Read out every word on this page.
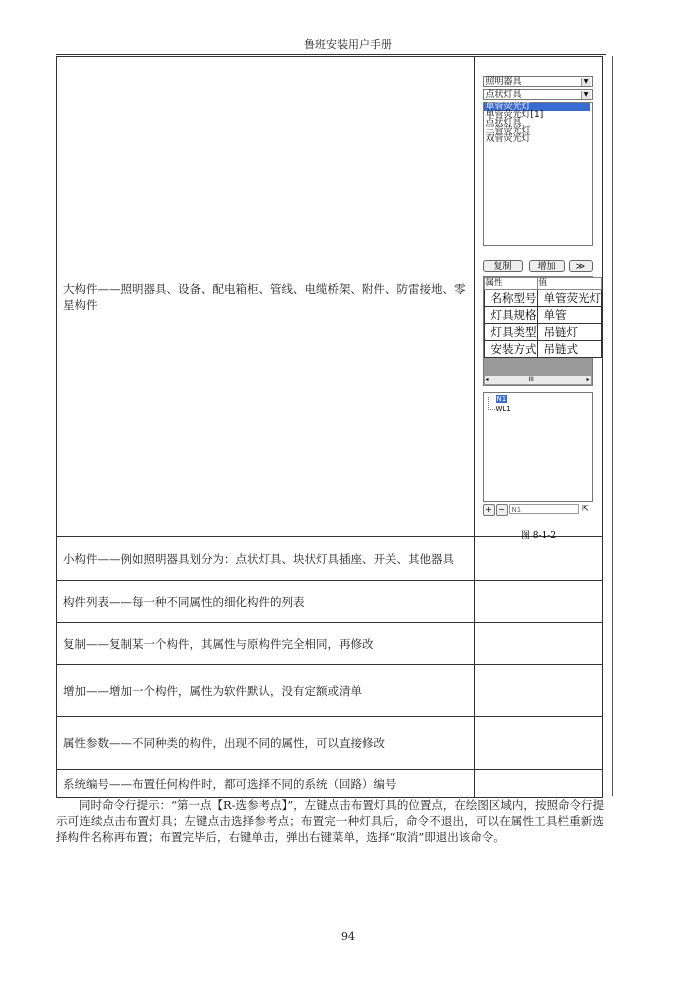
鲁班安装用户手册
大构件——照明器具、设备、配电箱柜、管线、电缆桥架、附件、防雷接地、零星构件	
照明器具	▼
点状灯具	▼
单管荧光灯
单管荧光灯[1]
点状灯具
三管荧光灯
双管荧光灯
复制	增加	≫
属性	值
名称型号	单管荧光灯
灯具规格	单管
灯具类型	吊链灯
安装方式	吊链式
◂	III	▸
N1
WL1
+ − N1	⇱
图 8-1-2

小构件——例如照明器具划分为：点状灯具、块状灯具插座、开关、其他器具	
构件列表——每一种不同属性的细化构件的列表	
复制——复制某一个构件，其属性与原构件完全相同，再修改	
增加——增加一个构件，属性为软件默认，没有定额或清单	
属性参数——不同种类的构件，出现不同的属性，可以直接修改	
系统编号——布置任何构件时，都可选择不同的系统（回路）编号	
同时命令行提示：“第一点【R-选参考点】”，左键点击布置灯具的位置点，在绘图区域内，按照命令行提示可连续点击布置灯具；左键点击选择参考点；布置完一种灯具后，命令不退出，可以在属性工具栏重新选择构件名称再布置；布置完毕后，右键单击，弹出右键菜单，选择“取消”即退出该命令。
94
